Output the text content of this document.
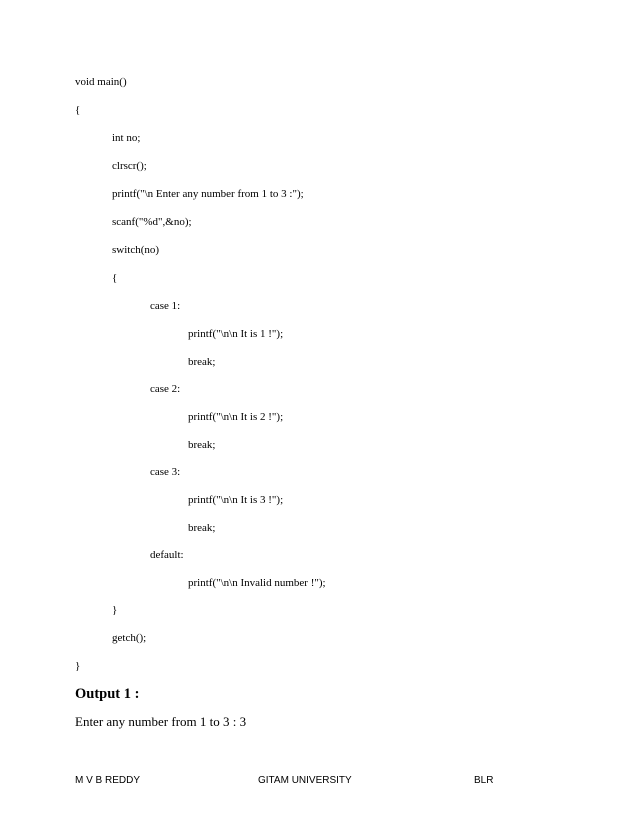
void main()
{
int no;
clrscr();
printf("\n Enter any number from 1 to 3 :");
scanf("%d",&no);
switch(no)
{
case 1:
printf("\n\n It is 1 !");
break;
case 2:
printf("\n\n It is 2 !");
break;
case 3:
printf("\n\n It is 3 !");
break;
default:
printf("\n\n Invalid number !");
}
getch();
}
Output 1 :
Enter any number from 1 to 3 : 3
M V B REDDY	GITAM UNIVERSITY	BLR
